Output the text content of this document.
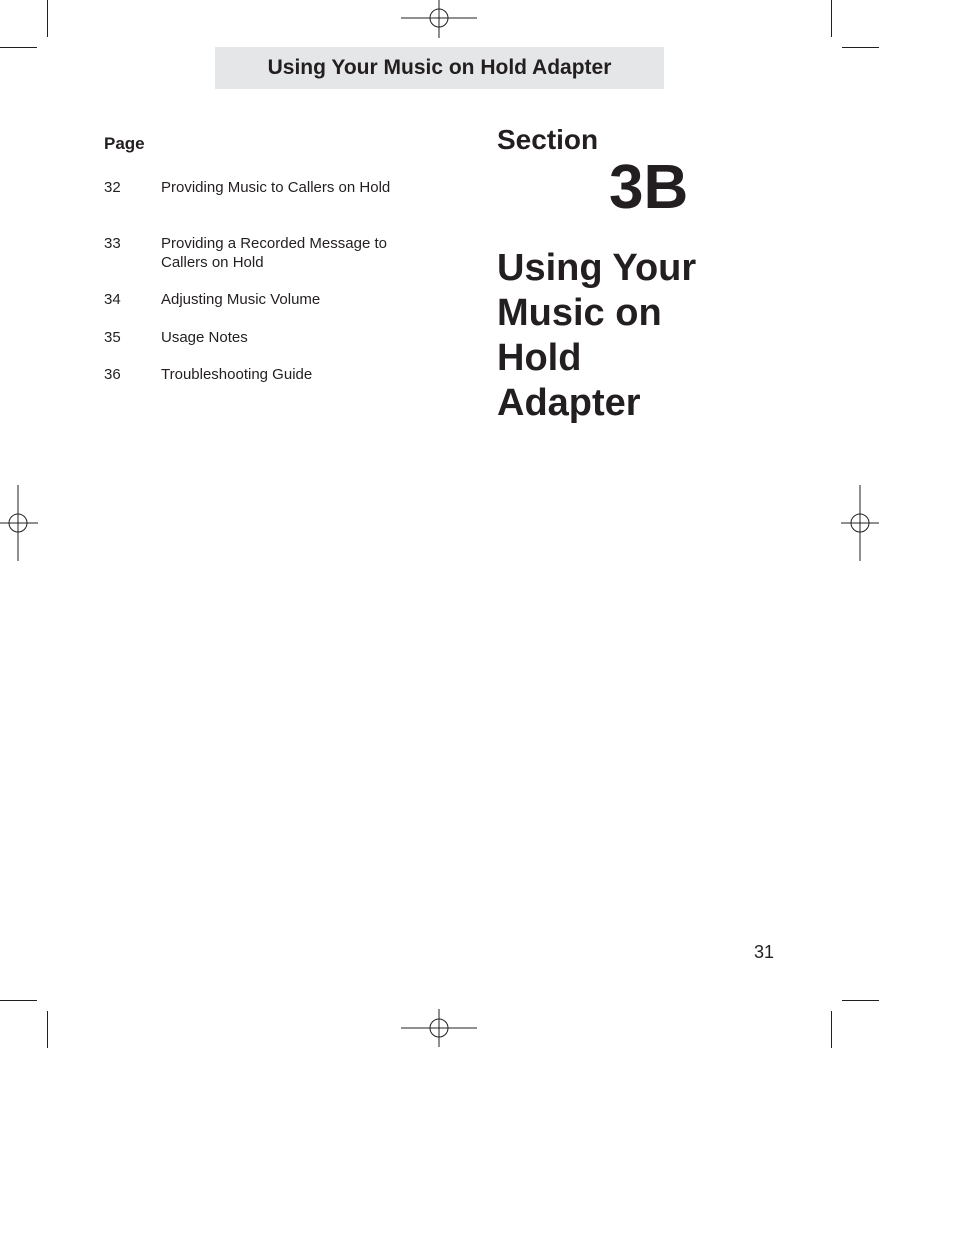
Using Your Music on Hold Adapter
Page
32	Providing Music to Callers on Hold
33	Providing a Recorded Message to Callers on Hold
34	Adjusting Music Volume
35	Usage Notes
36	Troubleshooting Guide
Section
3B
Using Your
Music on
Hold
Adapter
31
